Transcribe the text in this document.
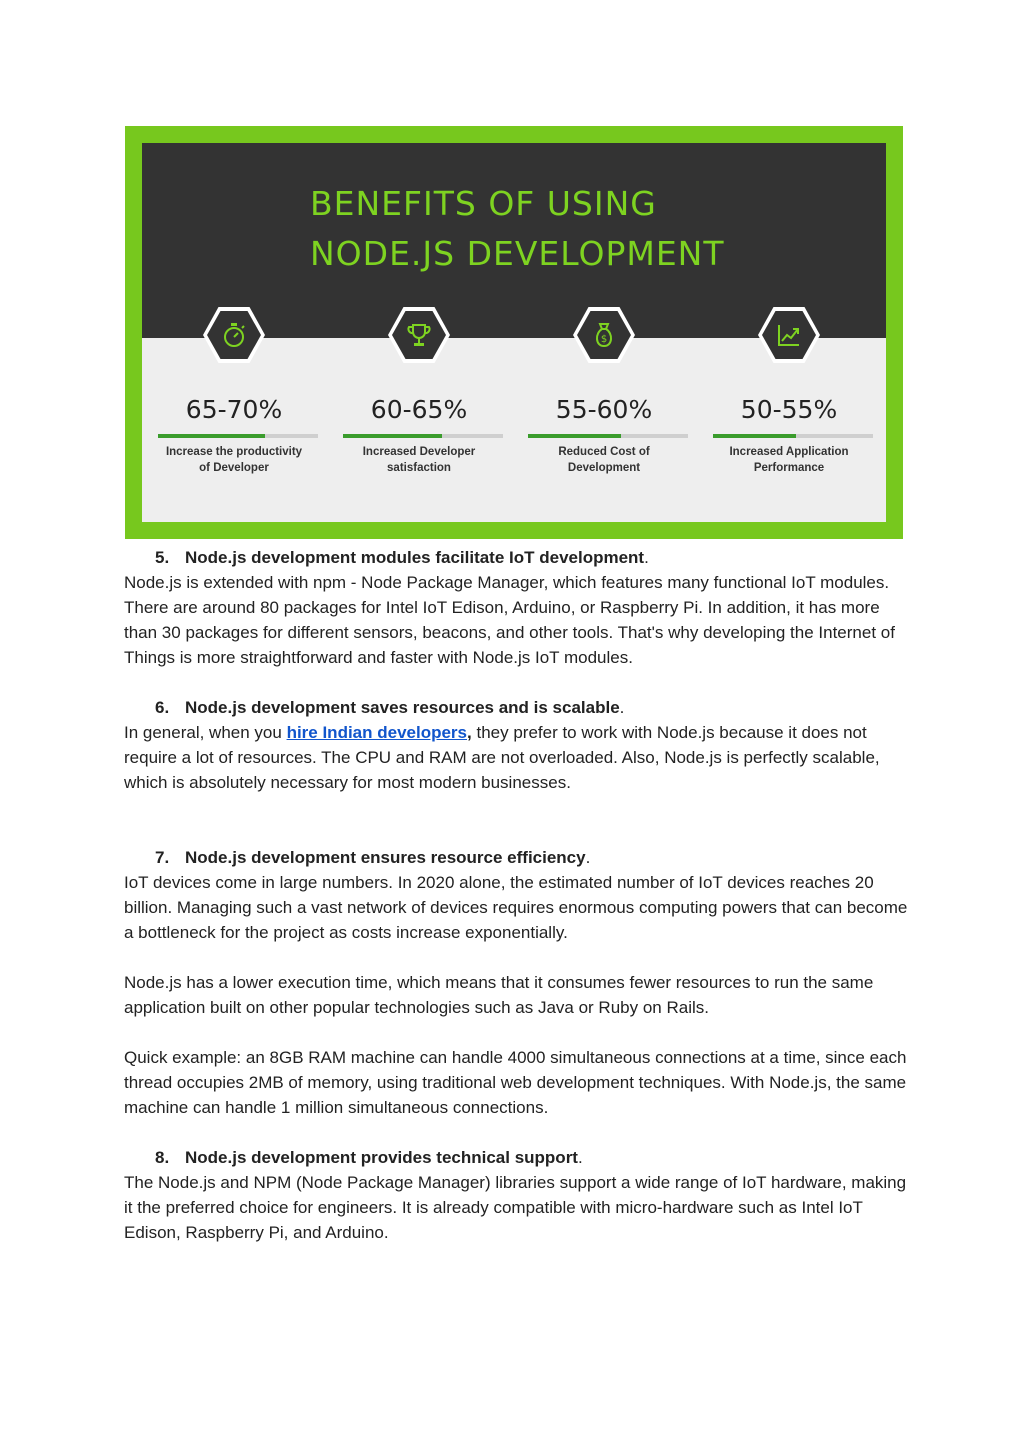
BENEFITS OF USING
NODE.JS DEVELOPMENT
65-70%
Increase the productivity
of Developer
60-65%
Increased Developer
satisfaction
$
55-60%
Reduced Cost of
Development
50-55%
Increased Application
Performance

5. Node.js development modules facilitate IoT development.

Node.js is extended with npm - Node Package Manager, which features many functional IoT modules. There are around 80 packages for Intel IoT Edison, Arduino, or Raspberry Pi. In addition, it has more than 30 packages for different sensors, beacons, and other tools. That's why developing the Internet of Things is more straightforward and faster with Node.js IoT modules.

6. Node.js development saves resources and is scalable.

In general, when you hire Indian developers, they prefer to work with Node.js because it does not require a lot of resources. The CPU and RAM are not overloaded. Also, Node.js is perfectly scalable, which is absolutely necessary for most modern businesses.

7. Node.js development ensures resource efficiency.

IoT devices come in large numbers. In 2020 alone, the estimated number of IoT devices reaches 20 billion. Managing such a vast network of devices requires enormous computing powers that can become a bottleneck for the project as costs increase exponentially.

Node.js has a lower execution time, which means that it consumes fewer resources to run the same application built on other popular technologies such as Java or Ruby on Rails.

Quick example: an 8GB RAM machine can handle 4000 simultaneous connections at a time, since each thread occupies 2MB of memory, using traditional web development techniques. With Node.js, the same machine can handle 1 million simultaneous connections.

8. Node.js development provides technical support.

The Node.js and NPM (Node Package Manager) libraries support a wide range of IoT hardware, making it the preferred choice for engineers. It is already compatible with micro-hardware such as Intel IoT Edison, Raspberry Pi, and Arduino.
